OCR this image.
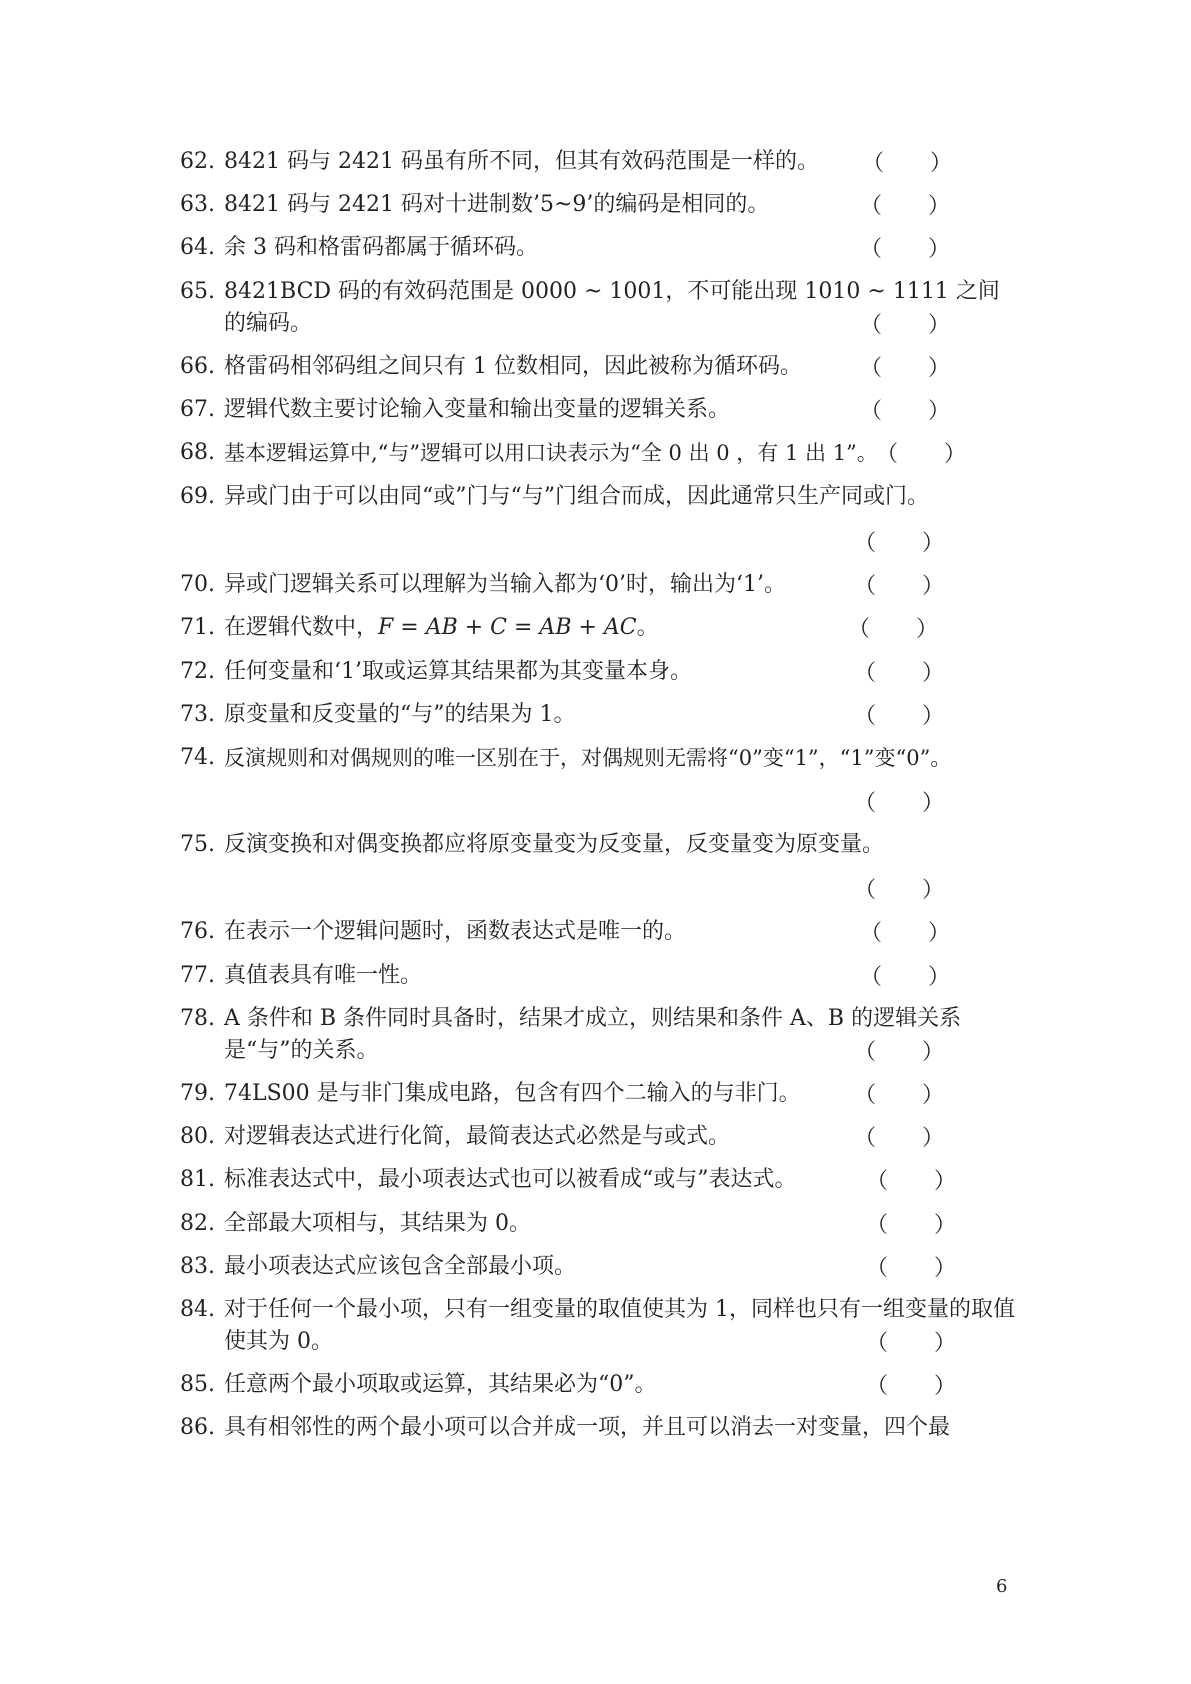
62. 8421 码与 2421 码虽有所不同，但其有效码范围是一样的。	（ ）
63. 8421 码与 2421 码对十进制数’5~9’的编码是相同的。	（ ）
64. 余 3 码和格雷码都属于循环码。	（ ）
65. 8421BCD 码的有效码范围是 0000 ~ 1001，不可能出现 1010 ~ 1111 之间的编码。	（ ）
66. 格雷码相邻码组之间只有 1 位数相同，因此被称为循环码。	（ ）
67. 逻辑代数主要讨论输入变量和输出变量的逻辑关系。	（ ）
68. 基本逻辑运算中,“与”逻辑可以用口诀表示为“全 0 出 0 ，有 1 出 1”。
（ ）
69. 异或门由于可以由同“或”门与“与”门组合而成，因此通常只生产同或门。
（ ）
70. 异或门逻辑关系可以理解为当输入都为‘0’时，输出为‘1’。	（ ）
71. 在逻辑代数中，F = AB + C = AB + AC。	（ ）
72. 任何变量和‘1’取或运算其结果都为其变量本身。	（ ）
73. 原变量和反变量的“与”的结果为 1。	（ ）
74. 反演规则和对偶规则的唯一区别在于，对偶规则无需将“0”变“1”，“1”变“0”。
（ ）
75. 反演变换和对偶变换都应将原变量变为反变量，反变量变为原变量。
（ ）
76. 在表示一个逻辑问题时，函数表达式是唯一的。	（ ）
77. 真值表具有唯一性。	（ ）
78. A 条件和 B 条件同时具备时，结果才成立，则结果和条件 A、B 的逻辑关系是“与”的关系。	（ ）
79. 74LS00 是与非门集成电路，包含有四个二输入的与非门。	（ ）
80. 对逻辑表达式进行化简，最简表达式必然是与或式。	（ ）
81. 标准表达式中，最小项表达式也可以被看成“或与”表达式。	（ ）
82. 全部最大项相与，其结果为 0。	（ ）
83. 最小项表达式应该包含全部最小项。	（ ）
84. 对于任何一个最小项，只有一组变量的取值使其为 1，同样也只有一组变量的取值使其为 0。	（ ）
85. 任意两个最小项取或运算，其结果必为“0”。	（ ）
86. 具有相邻性的两个最小项可以合并成一项，并且可以消去一对变量，四个最
6
